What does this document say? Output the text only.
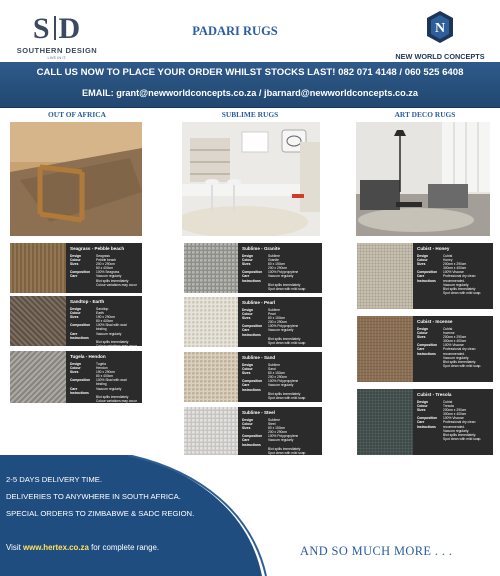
S D
SOUTHERN DESIGN
LIVE IN IT.
PADARI RUGS	N
NEW WORLD CONCEPTS
CALL US NOW TO PLACE YOUR ORDER WHILST STOCKS LAST! 082 071 4148 / 060 525 6408
EMAIL: grant@newworldconcepts.co.za / jbarnard@newworldconcepts.co.za
OUT OF AFRICA	SUBLIME RUGS	ART DECO RUGS
Seagrass - Pebble beach
Design	Seagrass
Colour	Pebble beach
Sizes	200 x 290cm
	80 x 400cm
Composition	100% Seagrass
Care	Vacuum regularly
	Blot spills immediately
	Colour variations may occur
Sandtop - Earth
Design	Sandtop
Colour	Earth
Sizes	190 x 290cm
	80 x 400cm
Composition	100% Sisal with wool binding
Care Instructions	Vacuum regularly
	Blot spills immediately
	Colour variations may occur
Tugela - Hendon
Design	Tugela
Colour	Hendon
Sizes	190 x 290cm
	80 x 400cm
Composition	100% Sisal with wool binding
Care Instructions	Vacuum regularly
	Blot spills immediately
	Colour variations may occur
Sublime - Granite
Design	Sublime
Colour	Granite
Sizes	80 x 150cm
	200 x 290cm
Composition	100% Polypropylene
Care Instructions	Vacuum regularly
	Blot spills immediately
	Spot clean with mild soap
Sublime - Pearl
Design	Sublime
Colour	Pearl
Sizes	80 x 150cm
	200 x 290cm
Composition	100% Polypropylene
Care Instructions	Vacuum regularly
	Blot spills immediately
	Spot clean with mild soap
Sublime - Sand
Design	Sublime
Colour	Sand
Sizes	80 x 150cm
	200 x 290cm
Composition	100% Polypropylene
Care Instructions	Vacuum regularly
	Blot spills immediately
	Spot clean with mild soap
Sublime - Steel
Design	Sublime
Colour	Steel
Sizes	80 x 150cm
	200 x 290cm
Composition	100% Polypropylene
Care Instructions	Vacuum regularly
	Blot spills immediately
	Spot clean with mild soap
Cubist - Honey
Design	Cubist
Colour	Honey
Sizes	200cm x 290cm
	300cm x 400cm
Composition	100% Viscose
Care Instructions	Professional dry clean recommended.
	Vacuum regularly.
	Blot spills immediately
	Spot clean with mild soap.
Cubist - Incense
Design	Cubist
Colour	Incense
Sizes	200cm x 290cm
	300cm x 400cm
Composition	100% Viscose
Care Instructions	Professional dry clean recommended.
	Vacuum regularly.
	Blot spills immediately.
	Spot clean with mild soap.
Cubist - Tresola
Design	Cubist
Colour	Tresola
Sizes	200cm x 290cm
	300cm x 400cm
Composition	100% Viscose
Care Instructions	Professional dry clean recommended.
	Vacuum regularly.
	Blot spills immediately.
	Spot clean with mild soap.

2-5 DAYS DELIVERY TIME.
DELIVERIES TO ANYWHERE IN SOUTH AFRICA.
SPECIAL ORDERS TO ZIMBABWE & SADC REGION.
Visit www.hertex.co.za for complete range.	AND SO MUCH MORE . . .
